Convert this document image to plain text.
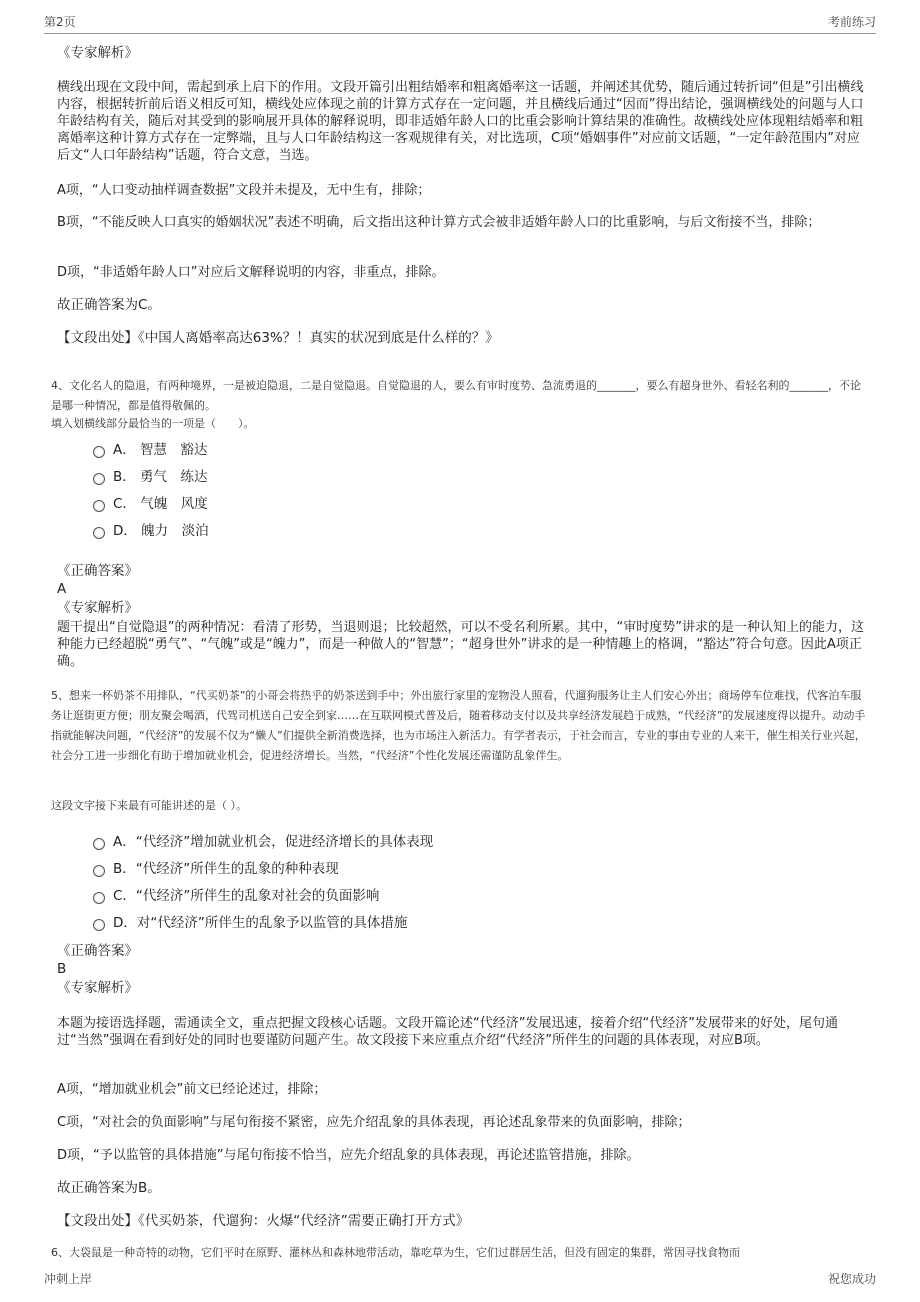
第2页	考前练习
《专家解析》
横线出现在文段中间，需起到承上启下的作用。文段开篇引出粗结婚率和粗离婚率这一话题，并阐述其优势，随后通过转折词“但是”引出横线内容，根据转折前后语义相反可知，横线处应体现之前的计算方式存在一定问题，并且横线后通过“因而”得出结论，强调横线处的问题与人口年龄结构有关，随后对其受到的影响展开具体的解释说明，即非适婚年龄人口的比重会影响计算结果的准确性。故横线处应体现粗结婚率和粗离婚率这种计算方式存在一定弊端，且与人口年龄结构这一客观规律有关，对比选项，C项“婚姻事件”对应前文话题，“一定年龄范围内”对应后文“人口年龄结构”话题，符合文意，当选。
A项，“人口变动抽样调查数据”文段并未提及，无中生有，排除；
B项，“不能反映人口真实的婚姻状况”表述不明确，后文指出这种计算方式会被非适婚年龄人口的比重影响，与后文衔接不当，排除；
D项，“非适婚年龄人口”对应后文解释说明的内容，非重点，排除。
故正确答案为C。
【文段出处】《中国人离婚率高达63%？！真实的状况到底是什么样的？》
4、文化名人的隐退，有两种境界，一是被迫隐退，二是自觉隐退。自觉隐退的人，要么有审时度势、急流勇退的_______，要么有超身世外、看轻名利的_______，不论是哪一种情况，都是值得敬佩的。
填入划横线部分最恰当的一项是（　　）。
A． 智慧　豁达
B． 勇气　练达
C． 气魄　风度
D． 魄力　淡泊
《正确答案》
A
《专家解析》
题干提出“自觉隐退”的两种情况：看清了形势，当退则退；比较超然，可以不受名利所累。其中，“审时度势”讲求的是一种认知上的能力，这种能力已经超脱“勇气”、“气魄”或是“魄力”，而是一种做人的“智慧”；“超身世外”讲求的是一种情趣上的格调，“豁达”符合句意。因此A项正确。
5、想来一杯奶茶不用排队，“代买奶茶”的小哥会将热乎的奶茶送到手中；外出旅行家里的宠物没人照看，代遛狗服务让主人们安心外出；商场停车位难找，代客泊车服务让逛街更方便；朋友聚会喝酒，代驾司机送自己安全到家……在互联网模式普及后，随着移动支付以及共享经济发展趋于成熟，“代经济”的发展速度得以提升。动动手指就能解决问题，“代经济”的发展不仅为“懒人”们提供全新消费选择，也为市场注入新活力。有学者表示，于社会而言，专业的事由专业的人来干，催生相关行业兴起，社会分工进一步细化有助于增加就业机会，促进经济增长。当然，“代经济”个性化发展还需谨防乱象伴生。
这段文字接下来最有可能讲述的是（ ）。
A．“代经济”增加就业机会，促进经济增长的具体表现
B．“代经济”所伴生的乱象的种种表现
C．“代经济”所伴生的乱象对社会的负面影响
D．对“代经济”所伴生的乱象予以监管的具体措施
《正确答案》
B
《专家解析》
本题为接语选择题，需通读全文，重点把握文段核心话题。文段开篇论述“代经济”发展迅速，接着介绍“代经济”发展带来的好处，尾句通过“当然”强调在看到好处的同时也要谨防问题产生。故文段接下来应重点介绍“代经济”所伴生的问题的具体表现，对应B项。
A项，“增加就业机会”前文已经论述过，排除；
C项，“对社会的负面影响”与尾句衔接不紧密，应先介绍乱象的具体表现，再论述乱象带来的负面影响，排除；
D项，“予以监管的具体措施”与尾句衔接不恰当，应先介绍乱象的具体表现，再论述监管措施，排除。
故正确答案为B。
【文段出处】《代买奶茶，代遛狗：火爆“代经济”需要正确打开方式》
6、大袋鼠是一种奇特的动物，它们平时在原野、灌林丛和森林地带活动，靠吃草为生，它们过群居生活，但没有固定的集群，常因寻找食物而
冲刺上岸	祝您成功
